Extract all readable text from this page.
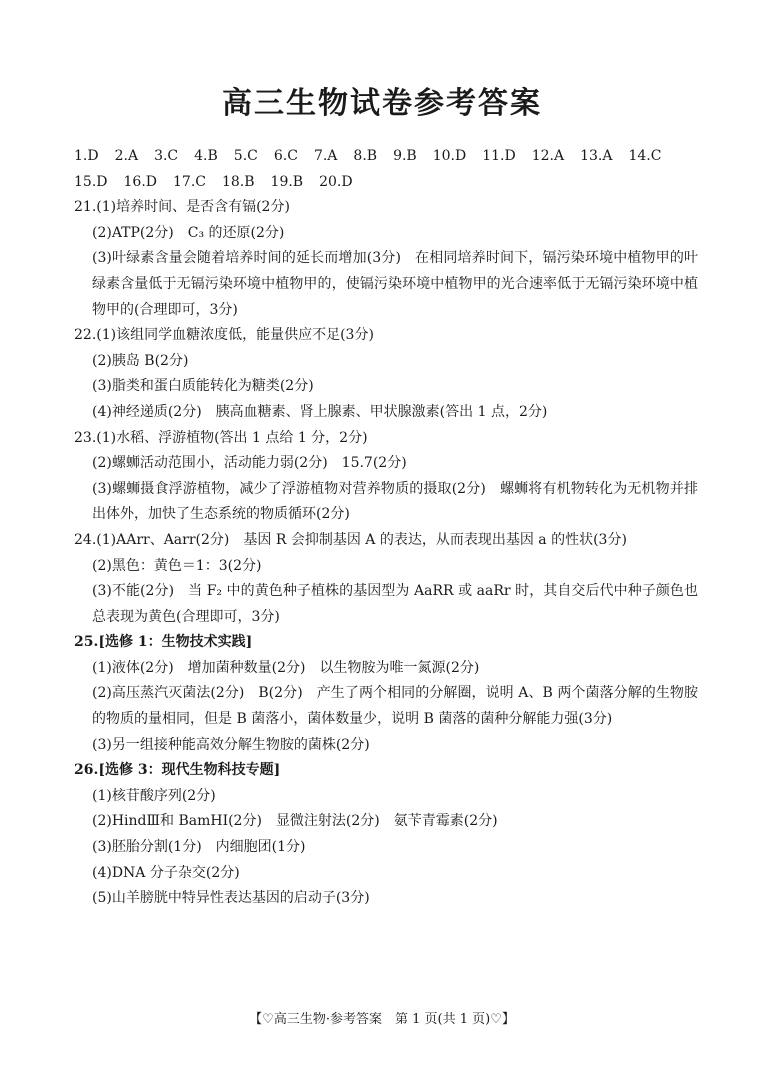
高三生物试卷参考答案
1.D 2.A 3.C 4.B 5.C 6.C 7.A 8.B 9.B 10.D 11.D 12.A 13.A 14.C
15.D 16.D 17.C 18.B 19.B 20.D
21.(1)培养时间、是否含有镉(2分)
(2)ATP(2分) C₃ 的还原(2分)
(3)叶绿素含量会随着培养时间的延长而增加(3分) 在相同培养时间下，镉污染环境中植物甲的叶绿素含量低于无镉污染环境中植物甲的，使镉污染环境中植物甲的光合速率低于无镉污染环境中植物甲的(合理即可，3分)
22.(1)该组同学血糖浓度低，能量供应不足(3分)
(2)胰岛 B(2分)
(3)脂类和蛋白质能转化为糖类(2分)
(4)神经递质(2分) 胰高血糖素、肾上腺素、甲状腺激素(答出 1 点，2分)
23.(1)水稻、浮游植物(答出 1 点给 1 分，2分)
(2)螺蛳活动范围小，活动能力弱(2分) 15.7(2分)
(3)螺蛳摄食浮游植物，减少了浮游植物对营养物质的摄取(2分) 螺蛳将有机物转化为无机物并排出体外，加快了生态系统的物质循环(2分)
24.(1)AArr、Aarr(2分) 基因 R 会抑制基因 A 的表达，从而表现出基因 a 的性状(3分)
(2)黑色：黄色＝1：3(2分)
(3)不能(2分) 当 F₂ 中的黄色种子植株的基因型为 AaRR 或 aaRr 时，其自交后代中种子颜色也总表现为黄色(合理即可，3分)
25.[选修 1：生物技术实践]
(1)液体(2分) 增加菌种数量(2分) 以生物胺为唯一氮源(2分)
(2)高压蒸汽灭菌法(2分) B(2分) 产生了两个相同的分解圈，说明 A、B 两个菌落分解的生物胺的物质的量相同，但是 B 菌落小，菌体数量少，说明 B 菌落的菌种分解能力强(3分)
(3)另一组接种能高效分解生物胺的菌株(2分)
26.[选修 3：现代生物科技专题]
(1)核苷酸序列(2分)
(2)HindⅢ和 BamHⅠ(2分) 显微注射法(2分) 氨苄青霉素(2分)
(3)胚胎分割(1分) 内细胞团(1分)
(4)DNA 分子杂交(2分)
(5)山羊膀胱中特异性表达基因的启动子(3分)
【♡高三生物·参考答案　第 1 页(共 1 页)♡】
